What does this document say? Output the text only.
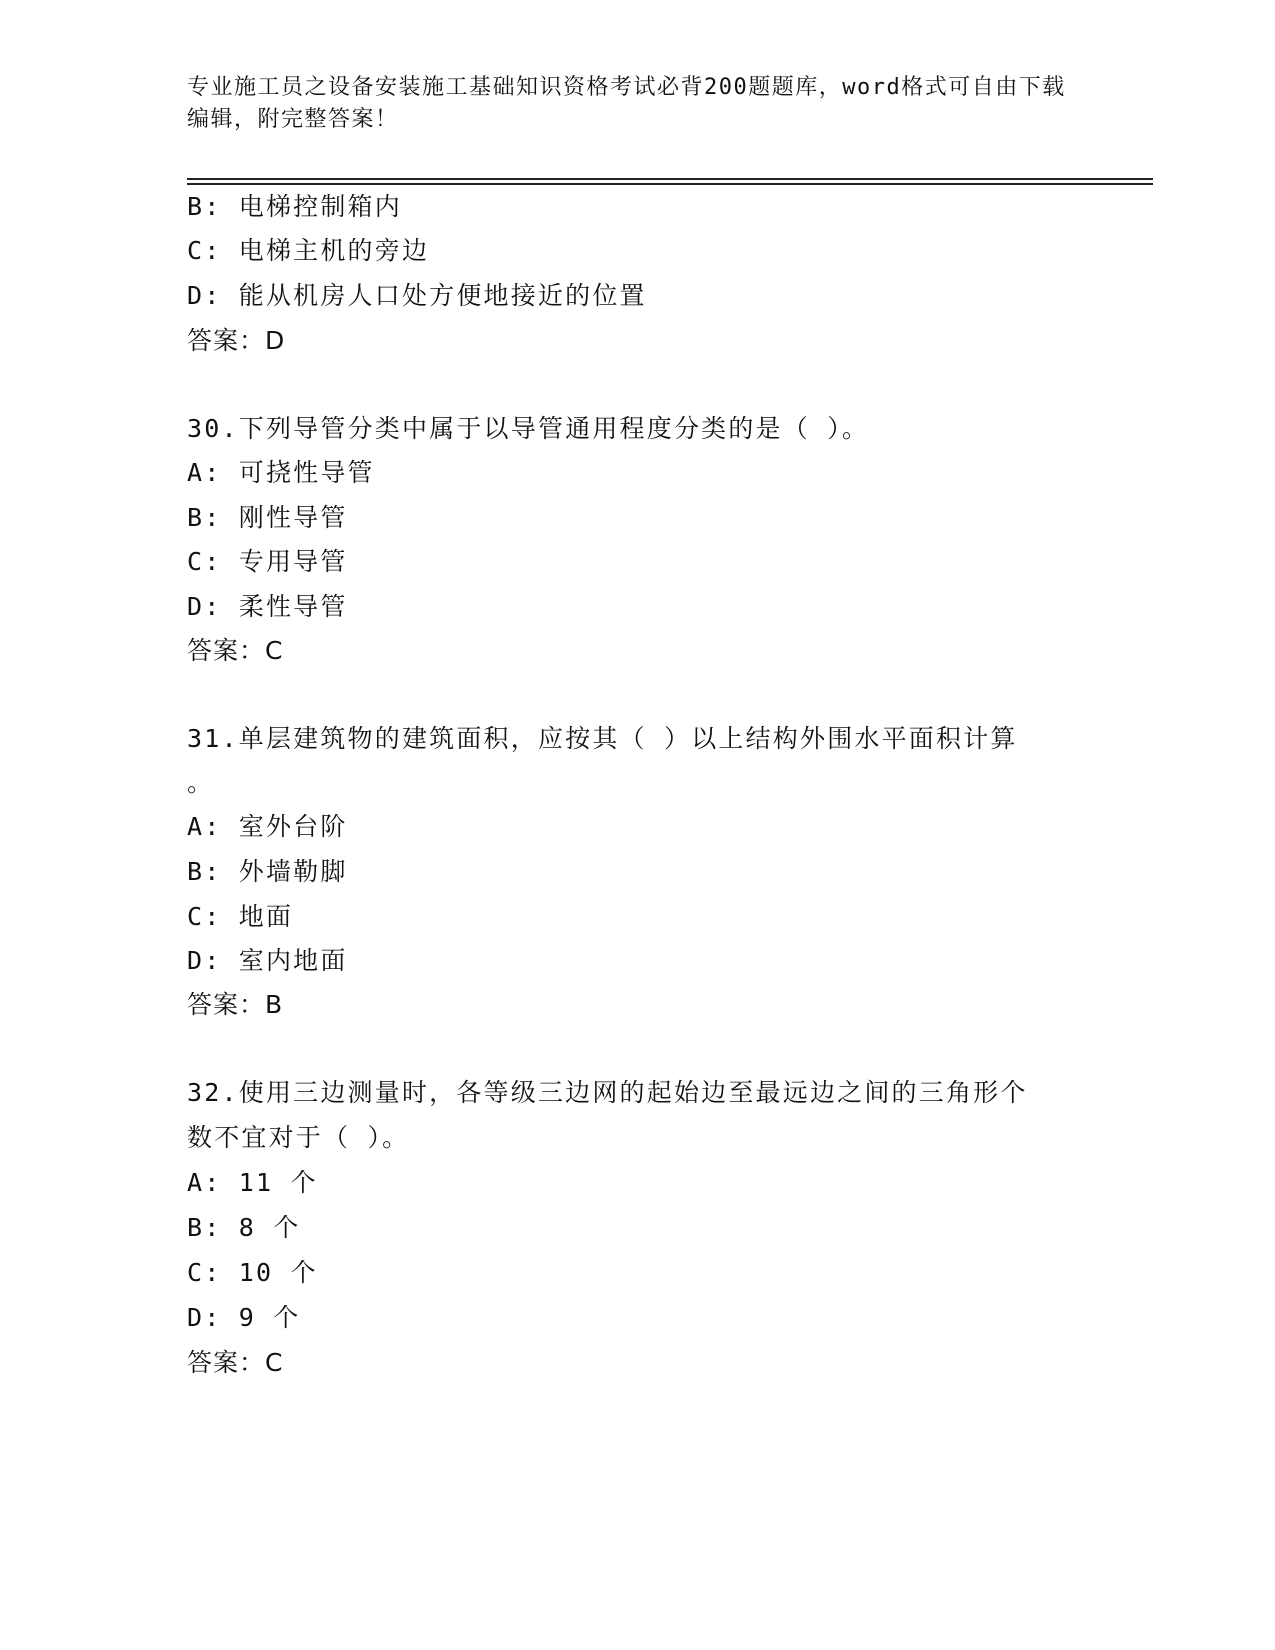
专业施工员之设备安装施工基础知识资格考试必背200题题库，word格式可自由下载编辑，附完整答案！
B: 电梯控制箱内
C: 电梯主机的旁边
D: 能从机房人口处方便地接近的位置
答案：D
30.下列导管分类中属于以导管通用程度分类的是（ ）。
A: 可挠性导管
B: 刚性导管
C: 专用导管
D: 柔性导管
答案：C
31.单层建筑物的建筑面积，应按其（ ）以上结构外围水平面积计算
。
A: 室外台阶
B: 外墙勒脚
C: 地面
D: 室内地面
答案：B
32.使用三边测量时，各等级三边网的起始边至最远边之间的三角形个
数不宜对于（ ）。
A: 11 个
B: 8 个
C: 10 个
D: 9 个
答案：C
